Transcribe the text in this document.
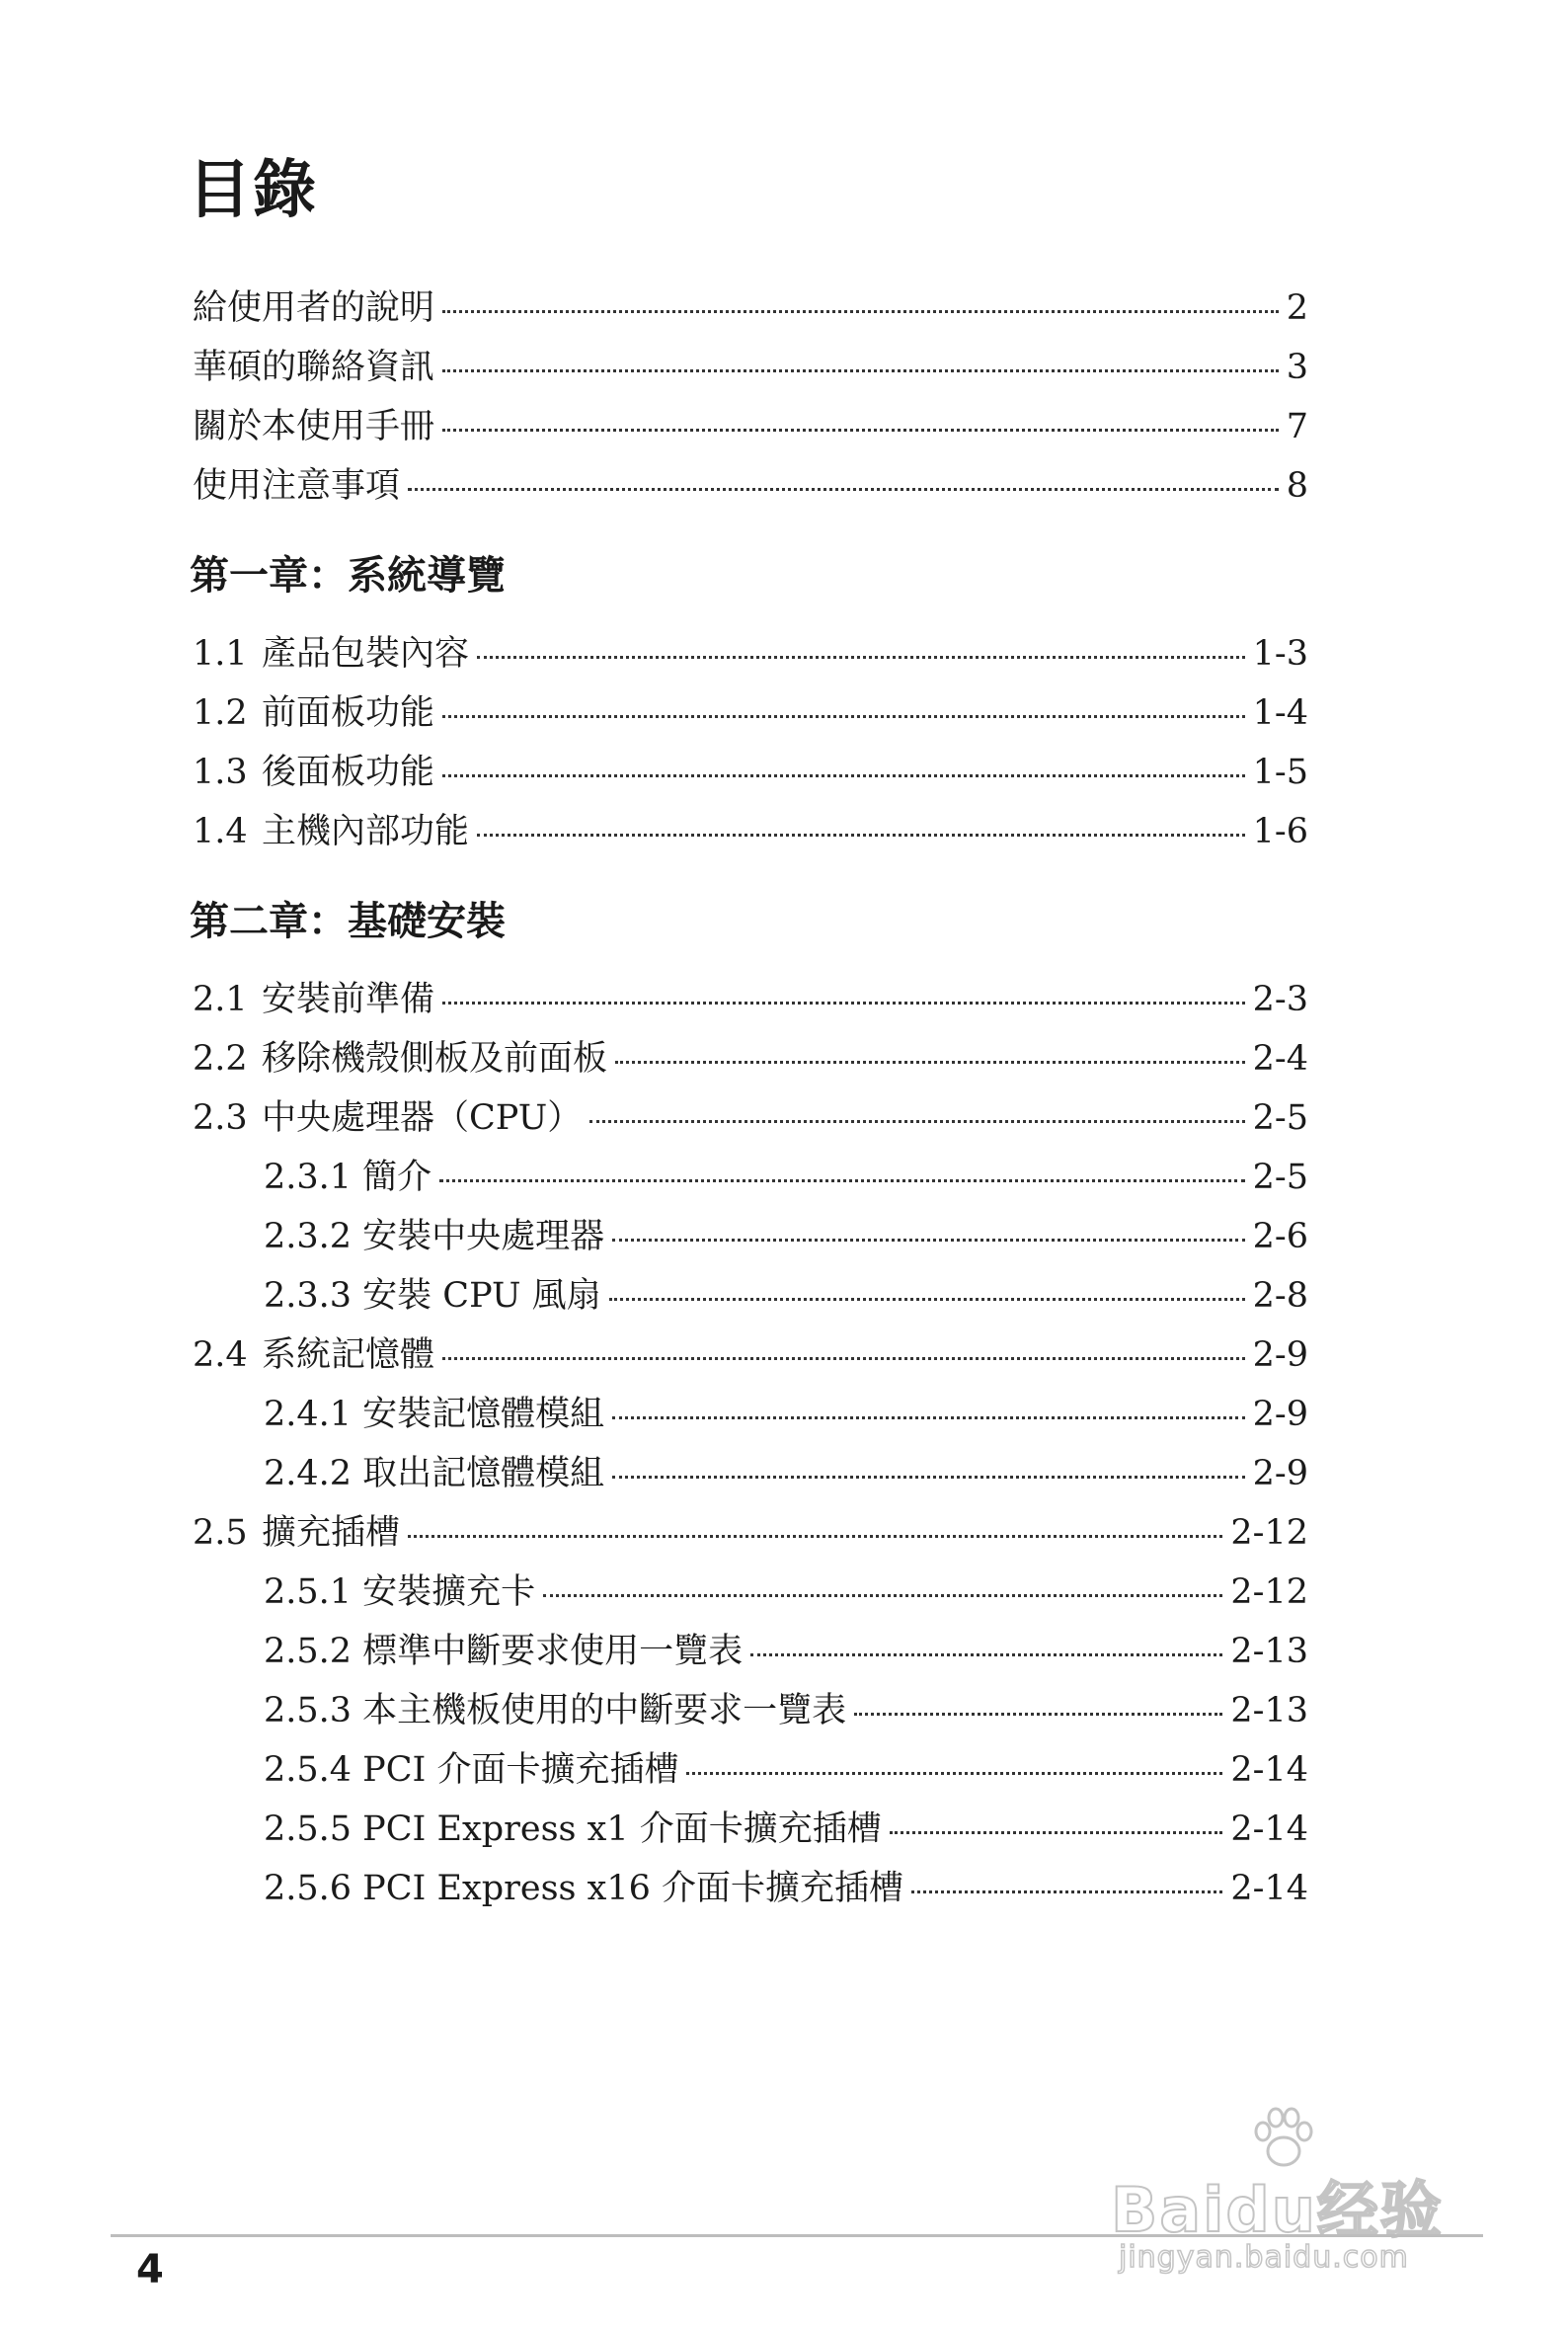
目錄
給使用者的說明	2
華碩的聯絡資訊	3
關於本使用手冊	7
使用注意事項	8
第一章：系統導覽
1.1 產品包裝內容	1-3
1.2 前面板功能	1-4
1.3 後面板功能	1-5
1.4 主機內部功能	1-6
第二章：基礎安裝
2.1 安裝前準備	2-3
2.2 移除機殼側板及前面板	2-4
2.3 中央處理器（CPU）	2-5
2.3.1 簡介	2-5
2.3.2 安裝中央處理器	2-6
2.3.3 安裝 CPU 風扇	2-8
2.4 系統記憶體	2-9
2.4.1 安裝記憶體模組	2-9
2.4.2 取出記憶體模組	2-9
2.5 擴充插槽	2-12
2.5.1 安裝擴充卡	2-12
2.5.2 標準中斷要求使用一覽表	2-13
2.5.3 本主機板使用的中斷要求一覽表	2-13
2.5.4 PCI 介面卡擴充插槽	2-14
2.5.5 PCI Express x1 介面卡擴充插槽	2-14
2.5.6 PCI Express x16 介面卡擴充插槽	2-14
Baidu经验
jingyan.baidu.com
4
